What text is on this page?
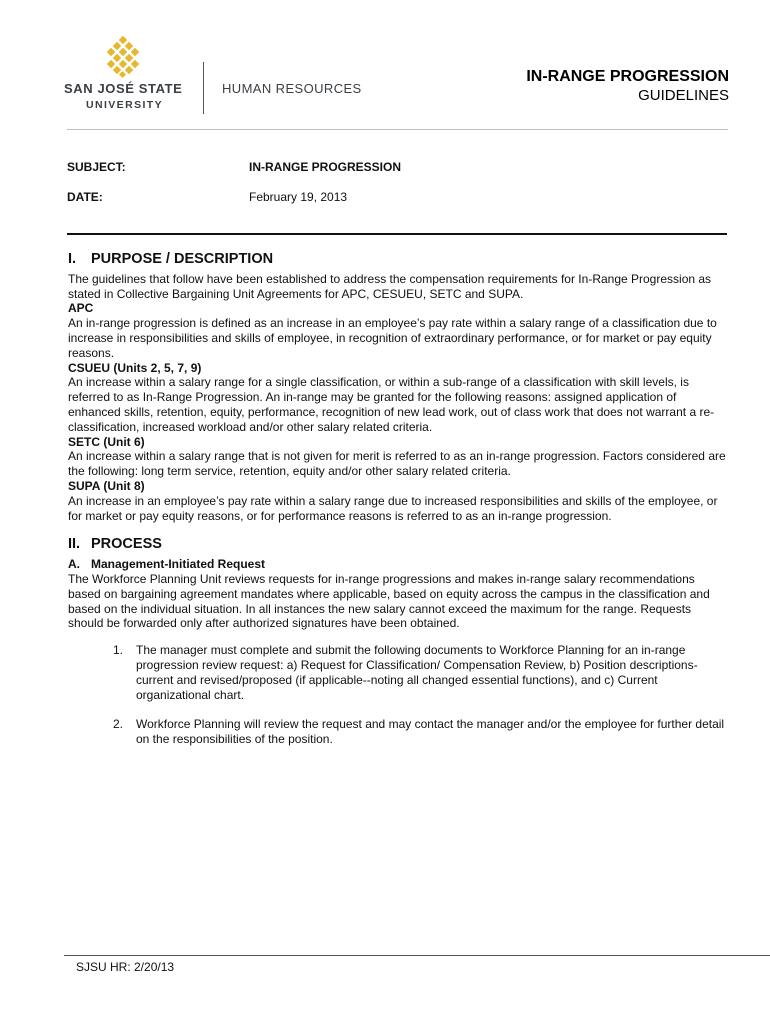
SAN JOSÉ STATE
UNIVERSITY
HUMAN RESOURCES
IN-RANGE PROGRESSION
GUIDELINES
SUBJECT:	IN-RANGE PROGRESSION
DATE:	February 19, 2013
I. PURPOSE / DESCRIPTION

The guidelines that follow have been established to address the compensation requirements for In-Range Progression as stated in Collective Bargaining Unit Agreements for APC, CESUEU, SETC and SUPA.

APC

An in-range progression is defined as an increase in an employee’s pay rate within a salary range of a classification due to increase in responsibilities and skills of employee, in recognition of extraordinary performance, or for market or pay equity reasons.

CSUEU (Units 2, 5, 7, 9)

An increase within a salary range for a single classification, or within a sub-range of a classification with skill levels, is referred to as In-Range Progression. An in-range may be granted for the following reasons: assigned application of enhanced skills, retention, equity, performance, recognition of new lead work, out of class work that does not warrant a re-classification, increased workload and/or other salary related criteria.

SETC (Unit 6)

An increase within a salary range that is not given for merit is referred to as an in-range progression. Factors considered are the following: long term service, retention, equity and/or other salary related criteria.

SUPA (Unit 8)

An increase in an employee’s pay rate within a salary range due to increased responsibilities and skills of the employee, or for market or pay equity reasons, or for performance reasons is referred to as an in-range progression.

II. PROCESS

A. Management-Initiated Request

The Workforce Planning Unit reviews requests for in-range progressions and makes in-range salary recommendations based on bargaining agreement mandates where applicable, based on equity across the campus in the classification and based on the individual situation. In all instances the new salary cannot exceed the maximum for the range. Requests should be forwarded only after authorized signatures have been obtained.

1.	The manager must complete and submit the following documents to Workforce Planning for an in-range progression review request: a) Request for Classification/ Compensation Review, b) Position descriptions-current and revised/proposed (if applicable--noting all changed essential functions), and c) Current organizational chart.
2.	Workforce Planning will review the request and may contact the manager and/or the employee for further detail on the responsibilities of the position.
SJSU HR: 2/20/13
